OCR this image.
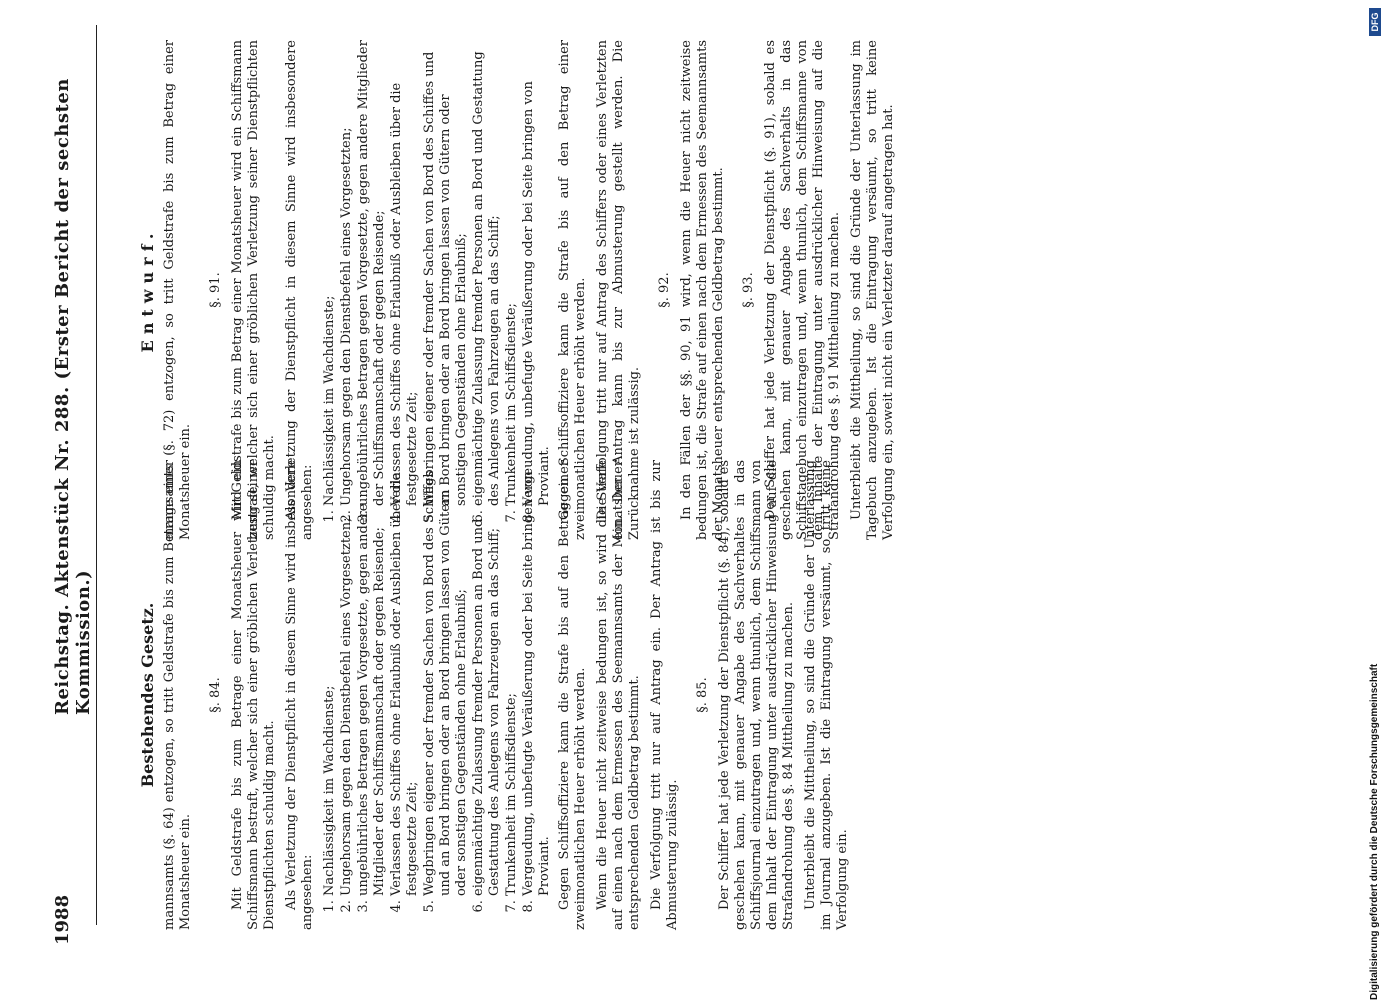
1988
Reichstag. Aktenstück Nr. 288. (Erster Bericht der sechsten Kommission.)	Bestehendes Gesetz. mannsamts (§. 64) entzogen, so tritt Geldstrafe bis zum Betrage einer Monatsheuer ein.

§. 84. Mit Geldstrafe bis zum Betrage einer Monatsheuer wird ein Schiffsmann bestraft, welcher sich einer gröblichen Verletzung seiner Dienstpflichten schuldig macht. Als Verletzung der Dienstpflicht in diesem Sinne wird insbesondere angesehen: 1. Nachlässigkeit im Wachdienste; 2. Ungehorsam gegen den Dienstbefehl eines Vorgesetzten; 3. ungebührliches Betragen gegen Vorgesetzte, gegen andere Mitglieder der Schiffsmannschaft oder gegen Reisende; 4. Verlassen des Schiffes ohne Erlaubniß oder Ausbleiben über die festgesetzte Zeit; 5. Wegbringen eigener oder fremder Sachen von Bord des Schiffes und an Bord bringen oder an Bord bringen lassen von Gütern oder sonstigen Gegenständen ohne Erlaubniß; 6. eigenmächtige Zulassung fremder Personen an Bord und Gestattung des Anlegens von Fahrzeugen an das Schiff; 7. Trunkenheit im Schiffsdienste; 8. Vergeudung, unbefugte Veräußerung oder bei Seite bringen von Proviant. Gegen Schiffsoffiziere kann die Strafe bis auf den Betrag einer zweimonatlichen Heuer erhöht werden. Wenn die Heuer nicht zeitweise bedungen ist, so wird die Strafe auf einen nach dem Ermessen des Seemannsamts der Monatsheuer entsprechenden Geldbetrag bestimmt. Die Verfolgung tritt nur auf Antrag ein. Der Antrag ist bis zur Abmusterung zulässig.

§. 85. Der Schiffer hat jede Verletzung der Dienstpflicht (§. 84), sobald es geschehen kann, mit genauer Angabe des Sachverhaltes in das Schiffsjournal einzutragen und, wenn thunlich, dem Schiffsmann von dem Inhalt der Eintragung unter ausdrücklicher Hinweisung auf die Strafandrohung des §. 84 Mittheilung zu machen. Unterbleibt die Mittheilung, so sind die Gründe der Unterlassung im Journal anzugeben. Ist die Eintragung versäumt, so tritt keine Verfolgung ein.

Entwurf. mannsamts (§. 72) entzogen, so tritt Geldstrafe bis zum Betrag einer Monatsheuer ein.

§. 91. Mit Geldstrafe bis zum Betrag einer Monatsheuer wird ein Schiffsmann bestraft, welcher sich einer gröblichen Verletzung seiner Dienstpflichten schuldig macht. Als Verletzung der Dienstpflicht in diesem Sinne wird insbesondere angesehen: 1. Nachlässigkeit im Wachdienste; 2. Ungehorsam gegen den Dienstbefehl eines Vorgesetzten; 3. ungebührliches Betragen gegen Vorgesetzte, gegen andere Mitglieder der Schiffsmannschaft oder gegen Reisende; 4. Verlassen des Schiffes ohne Erlaubniß oder Ausbleiben über die festgesetzte Zeit; 5. Wegbringen eigener oder fremder Sachen von Bord des Schiffes und an Bord bringen oder an Bord bringen lassen von Gütern oder sonstigen Gegenständen ohne Erlaubniß; 6. eigenmächtige Zulassung fremder Personen an Bord und Gestattung des Anlegens von Fahrzeugen an das Schiff; 7. Trunkenheit im Schiffsdienste; 8. Vergeudung, unbefugte Veräußerung oder bei Seite bringen von Proviant. Gegen Schiffsoffiziere kann die Strafe bis auf den Betrag einer zweimonatlichen Heuer erhöht werden. Die Verfolgung tritt nur auf Antrag des Schiffers oder eines Verletzten ein. Der Antrag kann bis zur Abmusterung gestellt werden. Die Zurücknahme ist zulässig.

§. 92. In den Fällen der §§. 90, 91 wird, wenn die Heuer nicht zeitweise bedungen ist, die Strafe auf einen nach dem Ermessen des Seemannsamts der Monatsheuer entsprechenden Geldbetrag bestimmt. §. 93. Der Schiffer hat jede Verletzung der Dienstpflicht (§. 91), sobald es geschehen kann, mit genauer Angabe des Sachverhalts in das Schiffstagebuch einzutragen und, wenn thunlich, dem Schiffsmanne von dem Inhalte der Eintragung unter ausdrücklicher Hinweisung auf die Strafandrohung des §. 91 Mittheilung zu machen. Unterbleibt die Mittheilung, so sind die Gründe der Unterlassung im Tagebuch anzugeben. Ist die Eintragung versäumt, so tritt keine Verfolgung ein, soweit nicht ein Verletzter darauf angetragen hat.

Digitalisierung gefördert durch die Deutsche Forschungsgemeinschaft
DFG
